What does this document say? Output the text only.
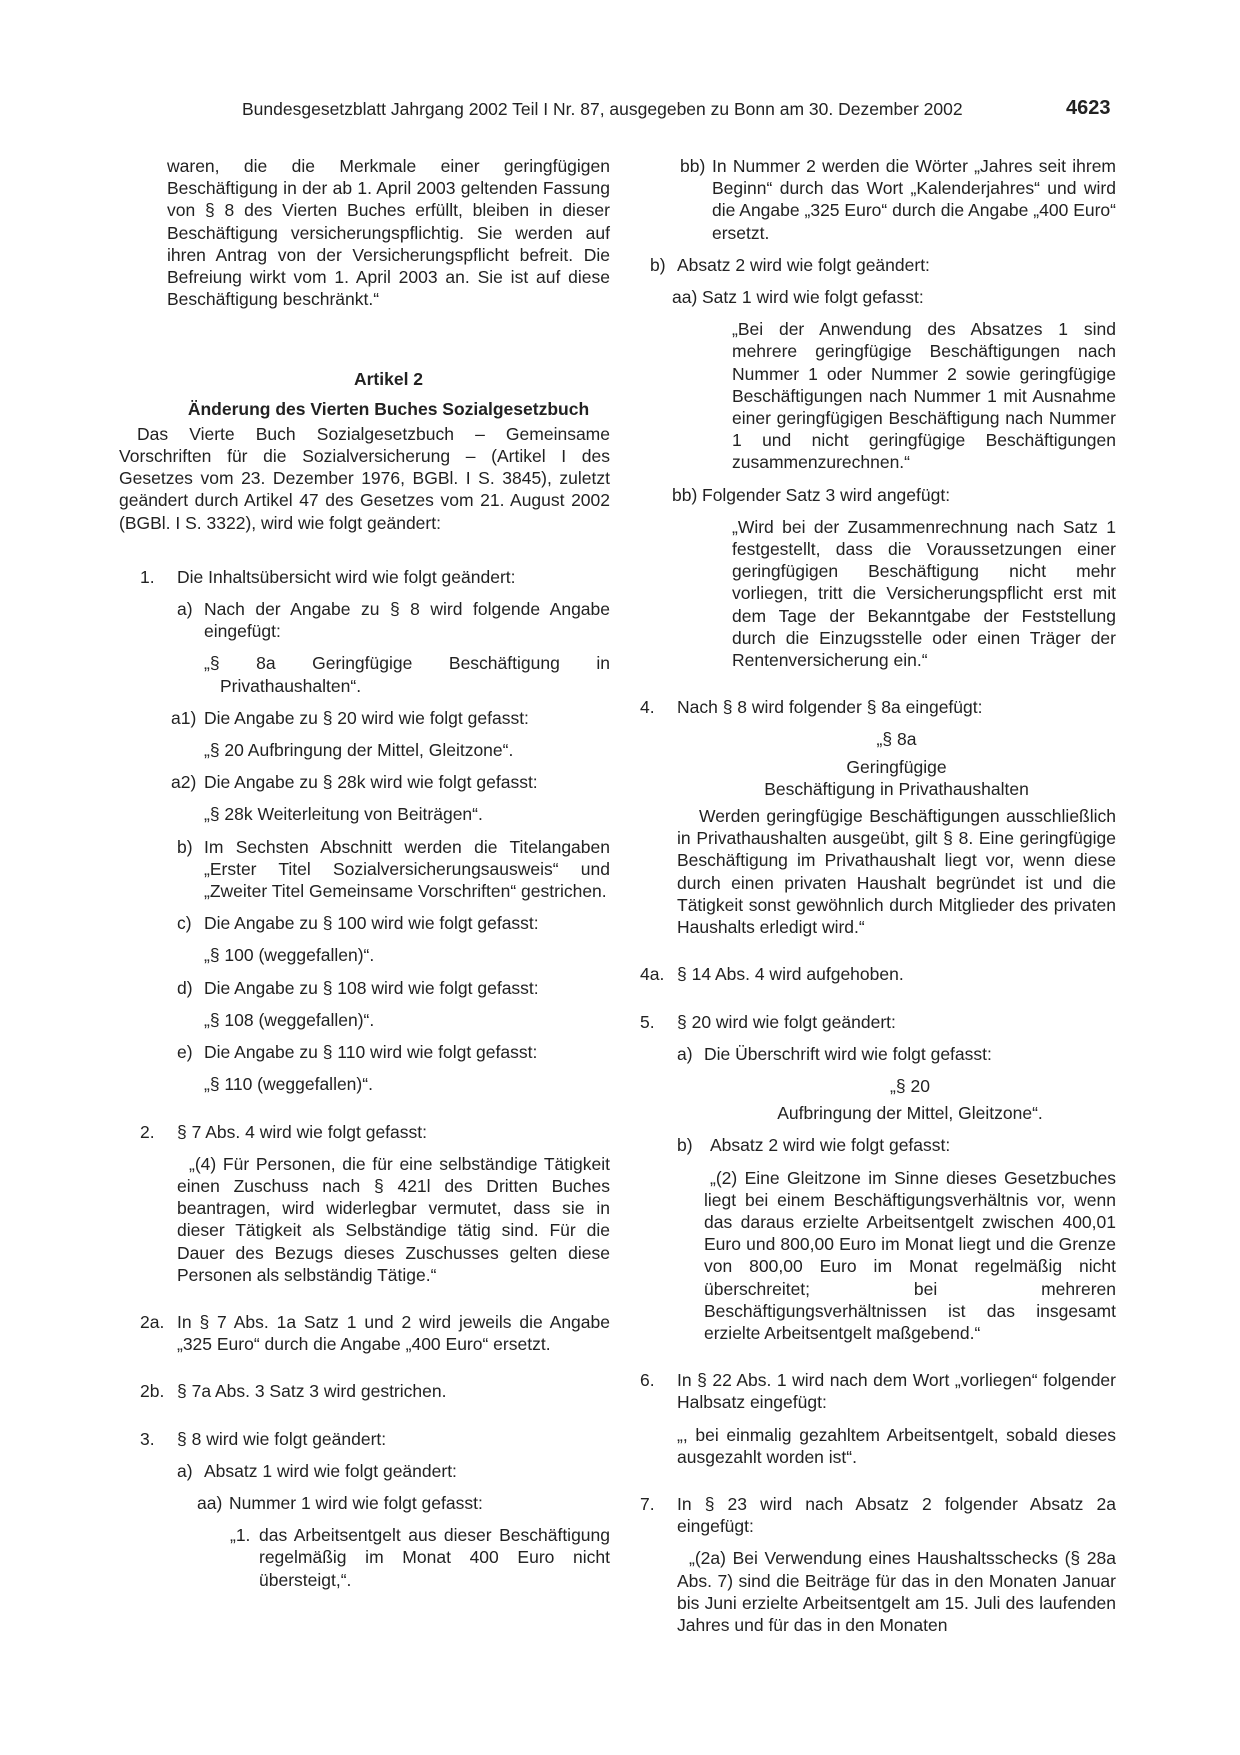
Bundesgesetzblatt Jahrgang 2002 Teil I Nr. 87, ausgegeben zu Bonn am 30. Dezember 2002	4623

waren, die die Merkmale einer geringfügigen Beschäftigung in der ab 1. April 2003 geltenden Fassung von § 8 des Vierten Buches erfüllt, bleiben in dieser Beschäftigung versicherungspflichtig. Sie werden auf ihren Antrag von der Versicherungspflicht befreit. Die Befreiung wirkt vom 1. April 2003 an. Sie ist auf diese Beschäftigung beschränkt.“

Artikel 2

Änderung des Vierten Buches Sozialgesetzbuch

Das Vierte Buch Sozialgesetzbuch – Gemeinsame Vorschriften für die Sozialversicherung – (Artikel I des Gesetzes vom 23. Dezember 1976, BGBl. I S. 3845), zuletzt geändert durch Artikel 47 des Gesetzes vom 21. August 2002 (BGBl. I S. 3322), wird wie folgt geändert:

1. Die Inhaltsübersicht wird wie folgt geändert:

a) Nach der Angabe zu § 8 wird folgende Angabe eingefügt:

„§ 8a Geringfügige Beschäftigung in Privathaushalten“.

a1) Die Angabe zu § 20 wird wie folgt gefasst:

„§ 20 Aufbringung der Mittel, Gleitzone“.

a2) Die Angabe zu § 28k wird wie folgt gefasst:

„§ 28k Weiterleitung von Beiträgen“.

b) Im Sechsten Abschnitt werden die Titelangaben „Erster Titel Sozialversicherungsausweis“ und „Zweiter Titel Gemeinsame Vorschriften“ gestrichen.

c) Die Angabe zu § 100 wird wie folgt gefasst:

„§ 100 (weggefallen)“.

d) Die Angabe zu § 108 wird wie folgt gefasst:

„§ 108 (weggefallen)“.

e) Die Angabe zu § 110 wird wie folgt gefasst:

„§ 110 (weggefallen)“.

2. § 7 Abs. 4 wird wie folgt gefasst:

„(4) Für Personen, die für eine selbständige Tätigkeit einen Zuschuss nach § 421l des Dritten Buches beantragen, wird widerlegbar vermutet, dass sie in dieser Tätigkeit als Selbständige tätig sind. Für die Dauer des Bezugs dieses Zuschusses gelten diese Personen als selbständig Tätige.“

2a. In § 7 Abs. 1a Satz 1 und 2 wird jeweils die Angabe „325 Euro“ durch die Angabe „400 Euro“ ersetzt.

2b. § 7a Abs. 3 Satz 3 wird gestrichen.

3. § 8 wird wie folgt geändert:

a) Absatz 1 wird wie folgt geändert:

aa) Nummer 1 wird wie folgt gefasst:

„1. das Arbeitsentgelt aus dieser Beschäftigung regelmäßig im Monat 400 Euro nicht übersteigt,“.

bb) In Nummer 2 werden die Wörter „Jahres seit ihrem Beginn“ durch das Wort „Kalenderjahres“ und wird die Angabe „325 Euro“ durch die Angabe „400 Euro“ ersetzt.

b) Absatz 2 wird wie folgt geändert:

aa) Satz 1 wird wie folgt gefasst:

„Bei der Anwendung des Absatzes 1 sind mehrere geringfügige Beschäftigungen nach Nummer 1 oder Nummer 2 sowie geringfügige Beschäftigungen nach Nummer 1 mit Ausnahme einer geringfügigen Beschäftigung nach Nummer 1 und nicht geringfügige Beschäftigungen zusammenzurechnen.“

bb) Folgender Satz 3 wird angefügt:

„Wird bei der Zusammenrechnung nach Satz 1 festgestellt, dass die Voraussetzungen einer geringfügigen Beschäftigung nicht mehr vorliegen, tritt die Versicherungspflicht erst mit dem Tage der Bekanntgabe der Feststellung durch die Einzugsstelle oder einen Träger der Rentenversicherung ein.“

4. Nach § 8 wird folgender § 8a eingefügt:

„§ 8a

Geringfügige

Beschäftigung in Privathaushalten

Werden geringfügige Beschäftigungen ausschließlich in Privathaushalten ausgeübt, gilt § 8. Eine geringfügige Beschäftigung im Privathaushalt liegt vor, wenn diese durch einen privaten Haushalt begründet ist und die Tätigkeit sonst gewöhnlich durch Mitglieder des privaten Haushalts erledigt wird.“

4a. § 14 Abs. 4 wird aufgehoben.

5. § 20 wird wie folgt geändert:

a) Die Überschrift wird wie folgt gefasst:

„§ 20

Aufbringung der Mittel, Gleitzone“.

b) Absatz 2 wird wie folgt gefasst:

„(2) Eine Gleitzone im Sinne dieses Gesetzbuches liegt bei einem Beschäftigungsverhältnis vor, wenn das daraus erzielte Arbeitsentgelt zwischen 400,01 Euro und 800,00 Euro im Monat liegt und die Grenze von 800,00 Euro im Monat regelmäßig nicht überschreitet; bei mehreren Beschäftigungsverhältnissen ist das insgesamt erzielte Arbeitsentgelt maßgebend.“

6. In § 22 Abs. 1 wird nach dem Wort „vorliegen“ folgender Halbsatz eingefügt:

„, bei einmalig gezahltem Arbeitsentgelt, sobald dieses ausgezahlt worden ist“.

7. In § 23 wird nach Absatz 2 folgender Absatz 2a eingefügt:

„(2a) Bei Verwendung eines Haushaltsschecks (§ 28a Abs. 7) sind die Beiträge für das in den Monaten Januar bis Juni erzielte Arbeitsentgelt am 15. Juli des laufenden Jahres und für das in den Monaten
